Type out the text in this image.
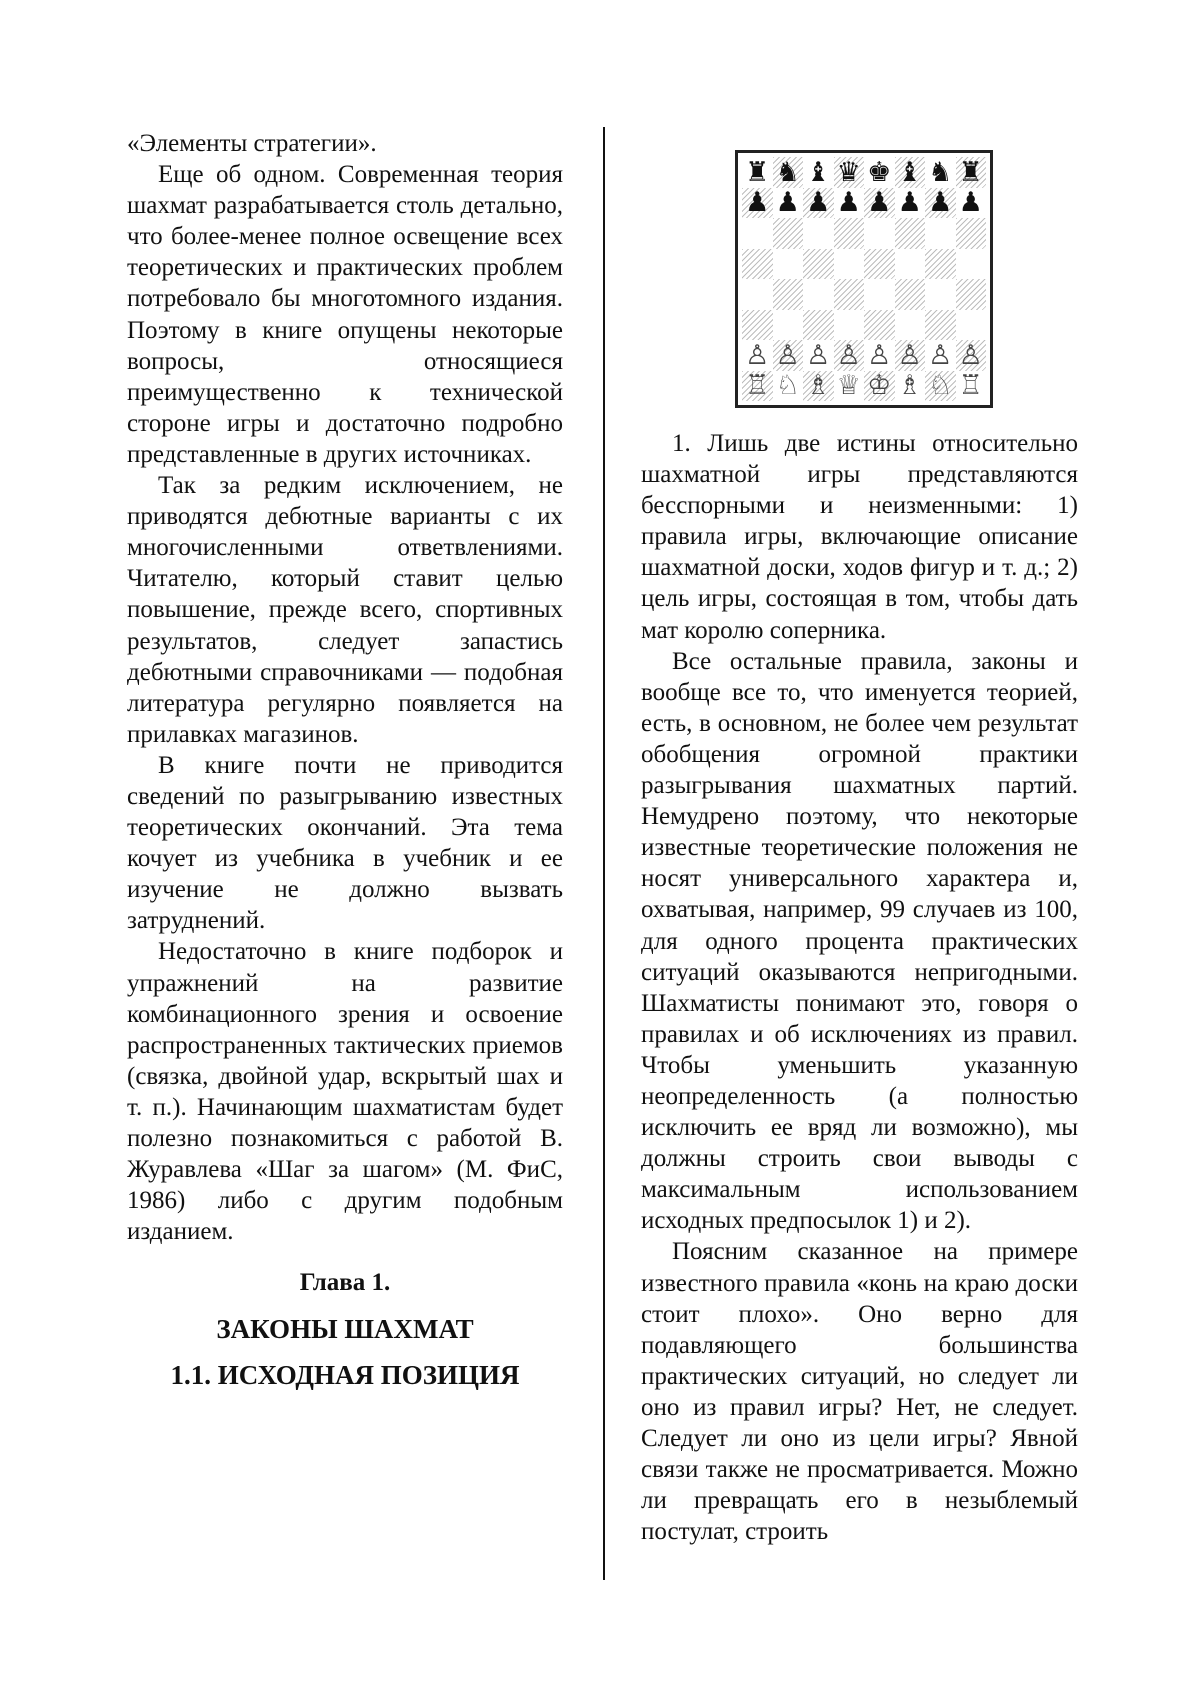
«Элементы стратегии».

Еще об одном. Современная теория шахмат разрабатывается столь детально, что более-менее полное освещение всех теоретических и практических проблем потребовало бы многотомного издания. Поэтому в книге опущены некоторые вопросы, относящиеся преимущественно к технической стороне игры и достаточно подробно представленные в других источниках.

Так за редким исключением, не приводятся дебютные варианты с их многочисленными ответвлениями. Читателю, который ставит целью повышение, прежде всего, спортивных результатов, следует запастись дебютными справочниками — подобная литература регулярно появляется на прилавках магазинов.

В книге почти не приводится сведений по разыгрыванию известных теоретических окончаний. Эта тема кочует из учебника в учебник и ее изучение не должно вызвать затруднений.

Недостаточно в книге подборок и упражнений на развитие комбинационного зрения и освоение распространенных тактических приемов (связка, двойной удар, вскрытый шах и т. п.). Начинающим шахматистам будет полезно познакомиться с работой В. Журавлева «Шаг за шагом» (М. ФиС, 1986) либо с другим подобным изданием.

Глава 1.
ЗАКОНЫ ШАХМАТ
1.1. ИСХОДНАЯ ПОЗИЦИЯ
♜ ♞ ♝ ♛ ♚ ♝ ♞ ♜
♟ ♟ ♟ ♟ ♟ ♟ ♟ ♟
♙ ♙ ♙ ♙ ♙ ♙ ♙ ♙
♖ ♘ ♗ ♕ ♔ ♗ ♘ ♖

1. Лишь две истины относительно шахматной игры представляются бесспорными и неизменными: 1) правила игры, включающие описание шахматной доски, ходов фигур и т. д.; 2) цель игры, состоящая в том, чтобы дать мат королю соперника.

Все остальные правила, законы и вообще все то, что именуется теорией, есть, в основном, не более чем результат обобщения огромной практики разыгрывания шахматных партий. Немудрено поэтому, что некоторые известные теоретические положения не носят универсального характера и, охватывая, например, 99 случаев из 100, для одного процента практических ситуаций оказываются непригодными. Шахматисты понимают это, говоря о правилах и об исключениях из правил. Чтобы уменьшить указанную неопределенность (а полностью исключить ее вряд ли возможно), мы должны строить свои выводы с максимальным использованием исходных предпосылок 1) и 2).

Поясним сказанное на примере известного правила «конь на краю доски стоит плохо». Оно верно для подавляющего большинства практических ситуаций, но следует ли оно из правил игры? Нет, не следует. Следует ли оно из цели игры? Явной связи также не просматривается. Можно ли превращать его в незыблемый постулат, строить
